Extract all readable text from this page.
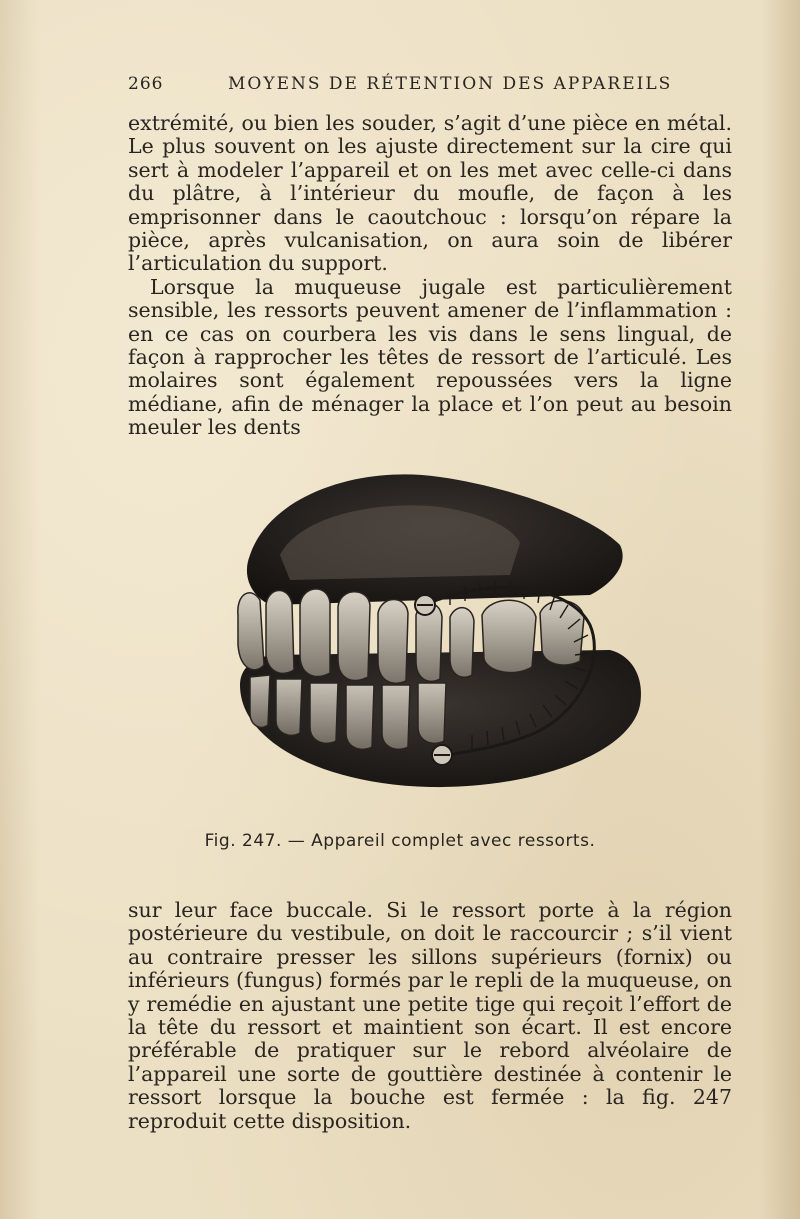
266	MOYENS DE RÉTENTION DES APPAREILS

extrémité, ou bien les souder, s’agit d’une pièce en métal. Le plus souvent on les ajuste directement sur la cire qui sert à modeler l’appareil et on les met avec celle-ci dans du plâtre, à l’intérieur du moufle, de façon à les emprisonner dans le caoutchouc : lorsqu’on répare la pièce, après vulcanisation, on aura soin de libérer l’articulation du support.

Lorsque la muqueuse jugale est particulièrement sensible, les ressorts peuvent amener de l’inflammation : en ce cas on courbera les vis dans le sens lingual, de façon à rapprocher les têtes de ressort de l’articulé. Les molaires sont également repoussées vers la ligne médiane, afin de ménager la place et l’on peut au besoin meuler les dents

Fig. 247. — Appareil complet avec ressorts.

sur leur face buccale. Si le ressort porte à la région postérieure du vestibule, on doit le raccourcir ; s’il vient au contraire presser les sillons supérieurs (fornix) ou inférieurs (fungus) formés par le repli de la muqueuse, on y remédie en ajustant une petite tige qui reçoit l’effort de la tête du ressort et maintient son écart. Il est encore préférable de pratiquer sur le rebord alvéolaire de l’appareil une sorte de gouttière destinée à contenir le ressort lorsque la bouche est fermée : la fig. 247 reproduit cette disposition.
